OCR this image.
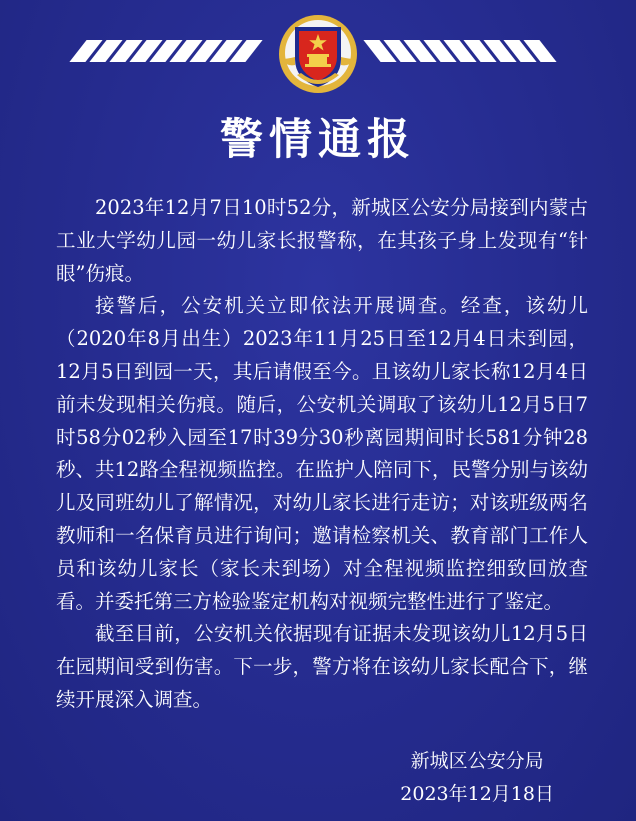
警情通报

2023年12月7日10时52分，新城区公安分局接到内蒙古工业大学幼儿园一幼儿家长报警称，在其孩子身上发现有“针眼”伤痕。

接警后，公安机关立即依法开展调查。经查，该幼儿（2020年8月出生）2023年11月25日至12月4日未到园，12月5日到园一天，其后请假至今。且该幼儿家长称12月4日前未发现相关伤痕。随后，公安机关调取了该幼儿12月5日7时58分02秒入园至17时39分30秒离园期间时长581分钟28秒、共12路全程视频监控。在监护人陪同下，民警分别与该幼儿及同班幼儿了解情况，对幼儿家长进行走访；对该班级两名教师和一名保育员进行询问；邀请检察机关、教育部门工作人员和该幼儿家长（家长未到场）对全程视频监控细致回放查看。并委托第三方检验鉴定机构对视频完整性进行了鉴定。

截至目前，公安机关依据现有证据未发现该幼儿12月5日在园期间受到伤害。下一步，警方将在该幼儿家长配合下，继续开展深入调查。

新城区公安分局
2023年12月18日
